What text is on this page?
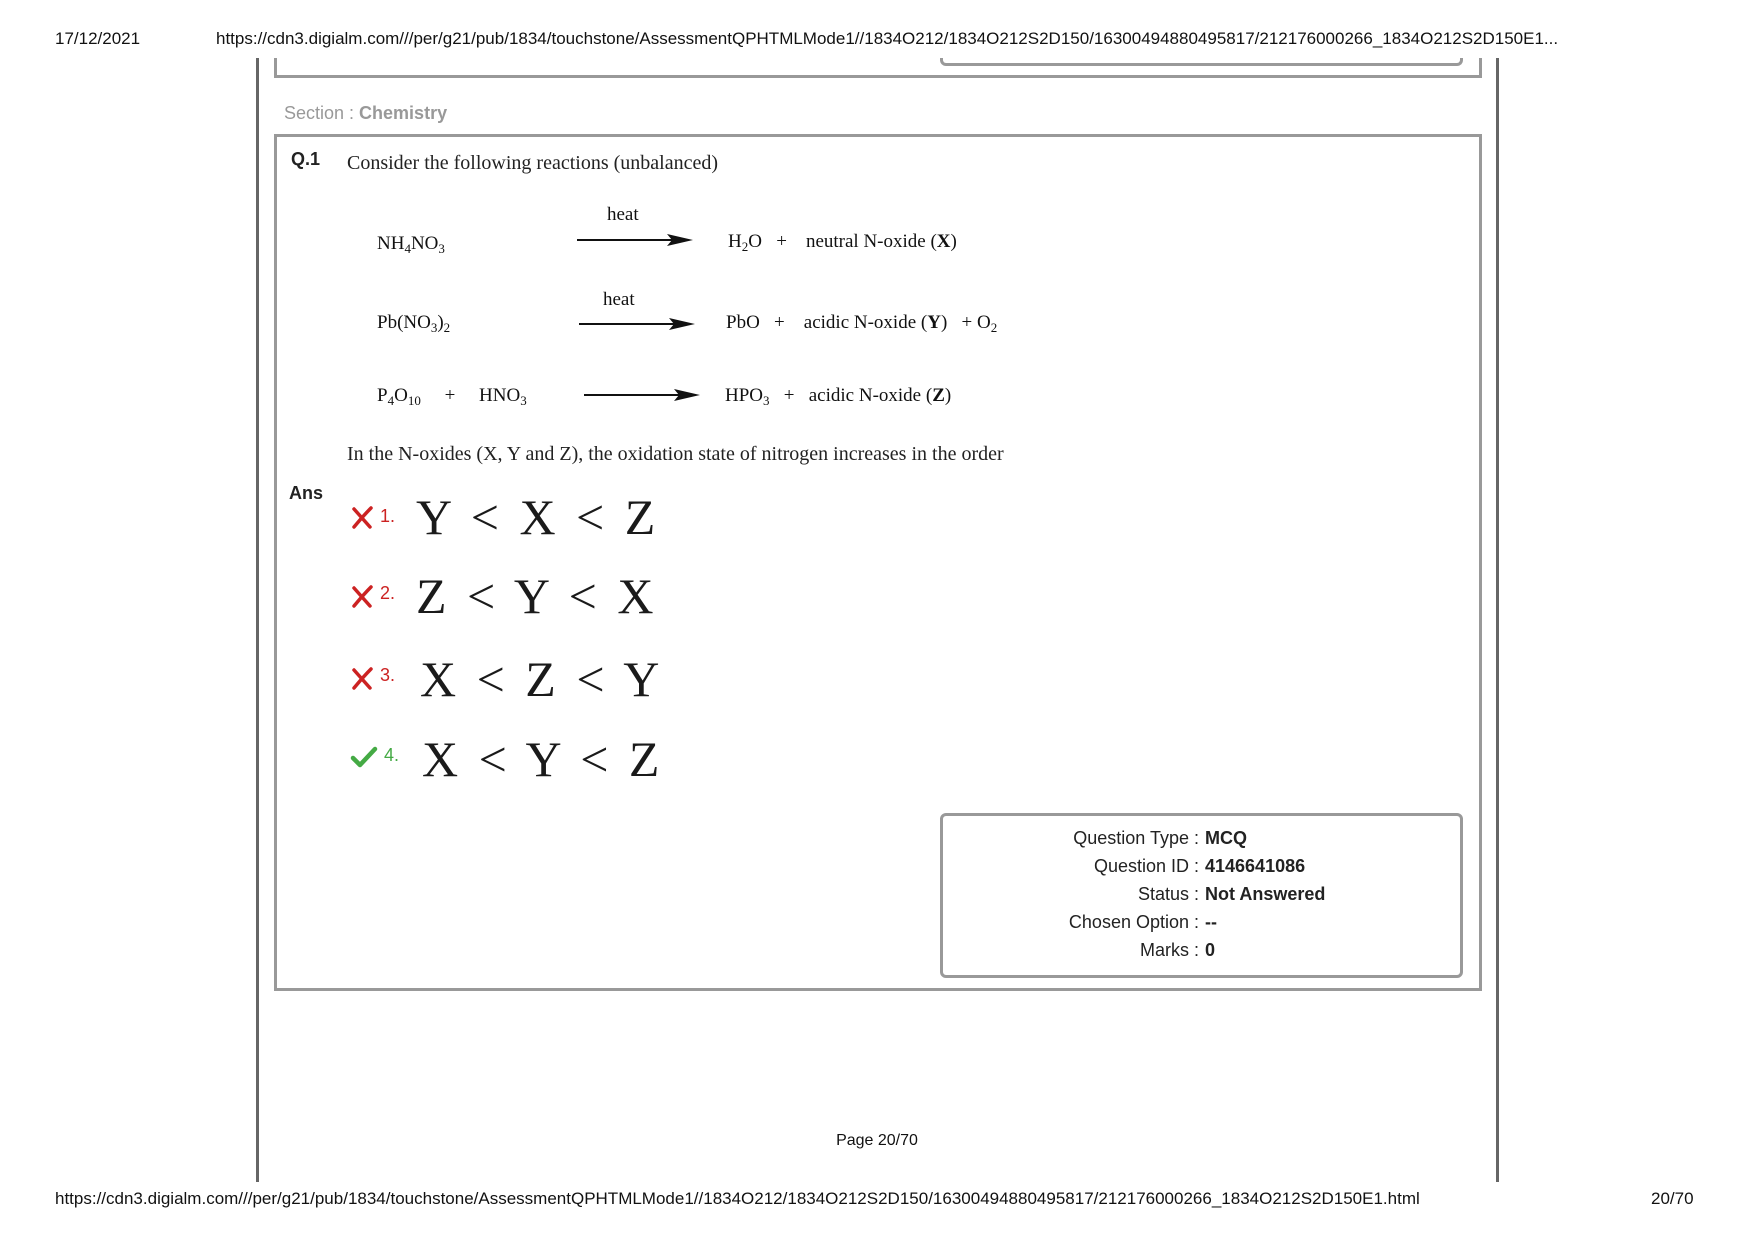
17/12/2021	https://cdn3.digialm.com///per/g21/pub/1834/touchstone/AssessmentQPHTMLMode1//1834O212/1834O212S2D150/16300494880495817/212176000266_1834O212S2D150E1...
Section : Chemistry
Q.1 Consider the following reactions (unbalanced)
$NH_4NO_3$
heat
$H_2O$ + neutral N-oxide (X)
$Pb(NO_3)_2$
heat
PbO + acidic N-oxide $(Y) + O_2$
$P_4O_{10} + HNO_3$	$HPO_3$ + acidic N-oxide (Z)
In the N-oxides (X, Y and Z), the oxidation state of nitrogen increases in the order
Ans
1. Y < X < Z
2. Z < Y < X
3. X < Z < Y
4. X < Y < Z
Question Type : MCQ
Question ID : 4146641086
Status : Not Answered
Chosen Option : --
Marks : 0
Page 20/70
https://cdn3.digialm.com///per/g21/pub/1834/touchstone/AssessmentQPHTMLMode1//1834O212/1834O212S2D150/16300494880495817/212176000266_1834O212S2D150E1.html	20/70
